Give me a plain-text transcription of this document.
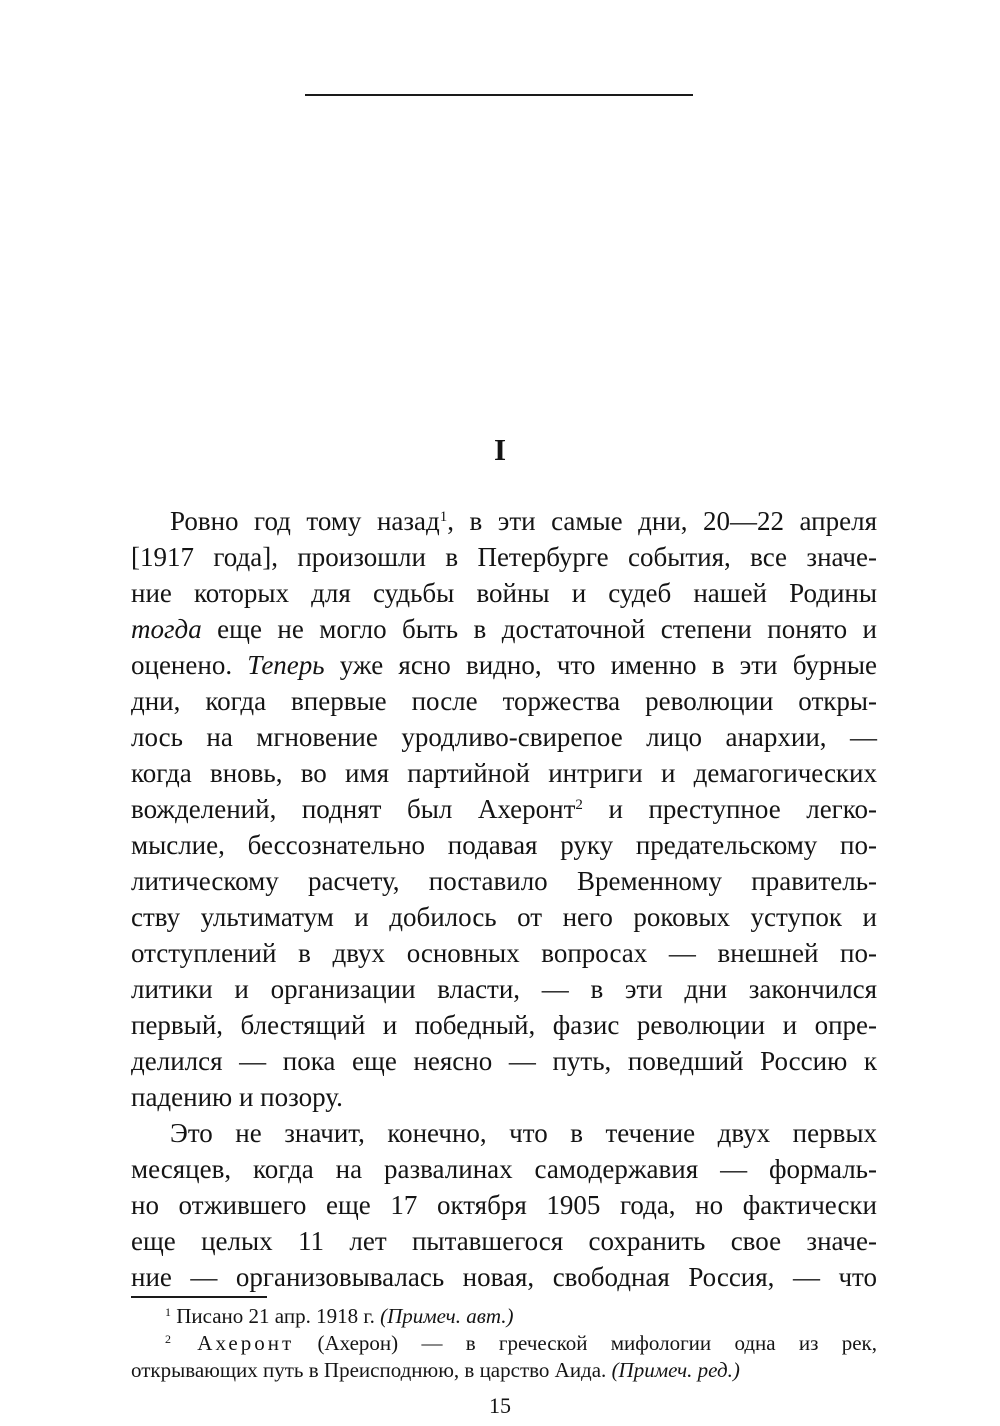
I
Ровно год тому назад$^1$, в эти самые дни, 20—22 апреля
[1917 года], произошли в Петербурге события, все значе-
ние которых для судьбы войны и судеб нашей Родины
тогда еще не могло быть в достаточной степени понято и
оценено. Теперь уже ясно видно, что именно в эти бурные
дни, когда впервые после торжества революции откры-
лось на мгновение уродливо-свирепое лицо анархии, —
когда вновь, во имя партийной интриги и демагогических
вожделений, поднят был Ахеронт$^2$ и преступное легко-
мыслие, бессознательно подавая руку предательскому по-
литическому расчету, поставило Временному правитель-
ству ультиматум и добилось от него роковых уступок и
отступлений в двух основных вопросах — внешней по-
литики и организации власти, — в эти дни закончился
первый, блестящий и победный, фазис революции и опре-
делился — пока еще неясно — путь, поведший Россию к
падению и позору.
Это не значит, конечно, что в течение двух первых
месяцев, когда на развалинах самодержавия — формаль-
но отжившего еще 17 октября 1905 года, но фактически
еще целых 11 лет пытавшегося сохранить свое значе-
ние — организовывалась новая, свободная Россия, — что
$^1$ Писано 21 апр. 1918 г. (Примеч. авт.)
$^2$ Ахеронт (Ахерон) — в греческой мифологии одна из рек,
открывающих путь в Преисподнюю, в царство Аида. (Примеч. ред.)
15
